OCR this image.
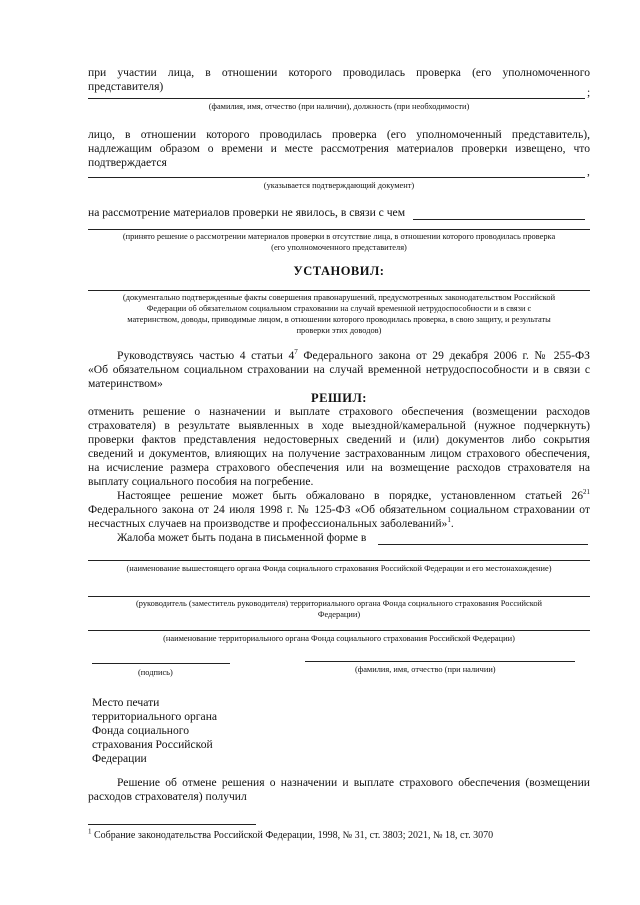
при участии лица, в отношении которого проводилась проверка (его уполномоченного
представителя)	;
(фамилия, имя, отчество (при наличии), должность (при необходимости)
лицо, в отношении которого проводилась проверка (его уполномоченный представитель),
надлежащим образом о времени и месте рассмотрения материалов проверки извещено, что
подтверждается
,
(указывается подтверждающий документ)
на рассмотрение материалов проверки не явилось, в связи с чем
(принято решение о рассмотрении материалов проверки в отсутствие лица, в отношении которого проводилась проверка
(его уполномоченного представителя)
УСТАНОВИЛ:
(документально подтвержденные факты совершения правонарушений, предусмотренных законодательством Российской
Федерации об обязательном социальном страховании на случай временной нетрудоспособности и в связи с
материнством, доводы, приводимые лицом, в отношении которого проводилась проверка, в свою защиту, и результаты
проверки этих доводов)
Руководствуясь частью 4 статьи $4^7$ Федерального закона от 29 декабря 2006 г. № 255-ФЗ
«Об обязательном социальном страховании на случай временной нетрудоспособности и в связи с
материнством»
РЕШИЛ:
отменить решение о назначении и выплате страхового обеспечения (возмещении расходов
страхователя) в результате выявленных в ходе выездной/камеральной (нужное подчеркнуть)
проверки фактов представления недостоверных сведений и (или) документов либо сокрытия
сведений и документов, влияющих на получение застрахованным лицом страхового обеспечения,
на исчисление размера страхового обеспечения или на возмещение расходов страхователя на
выплату социального пособия на погребение.
Настоящее решение может быть обжаловано в порядке, установленном статьей $26^{21}$
Федерального закона от 24 июля 1998 г. № 125-ФЗ «Об обязательном социальном страховании от
несчастных случаев на производстве и профессиональных заболеваний»$^1$.
Жалоба может быть подана в письменной форме в
(наименование вышестоящего органа Фонда социального страхования Российской Федерации и его местонахождение)
(руководитель (заместитель руководителя) территориального органа Фонда социального страхования Российской
Федерации)
(наименование территориального органа Фонда социального страхования Российской Федерации)
(подпись)	(фамилия, имя, отчество (при наличии)
Место печати
территориального органа
Фонда социального
страхования Российской
Федерации
Решение об отмене решения о назначении и выплате страхового обеспечения (возмещении
расходов страхователя) получил
$^1$ Собрание законодательства Российской Федерации, 1998, № 31, ст. 3803; 2021, № 18, ст. 3070
